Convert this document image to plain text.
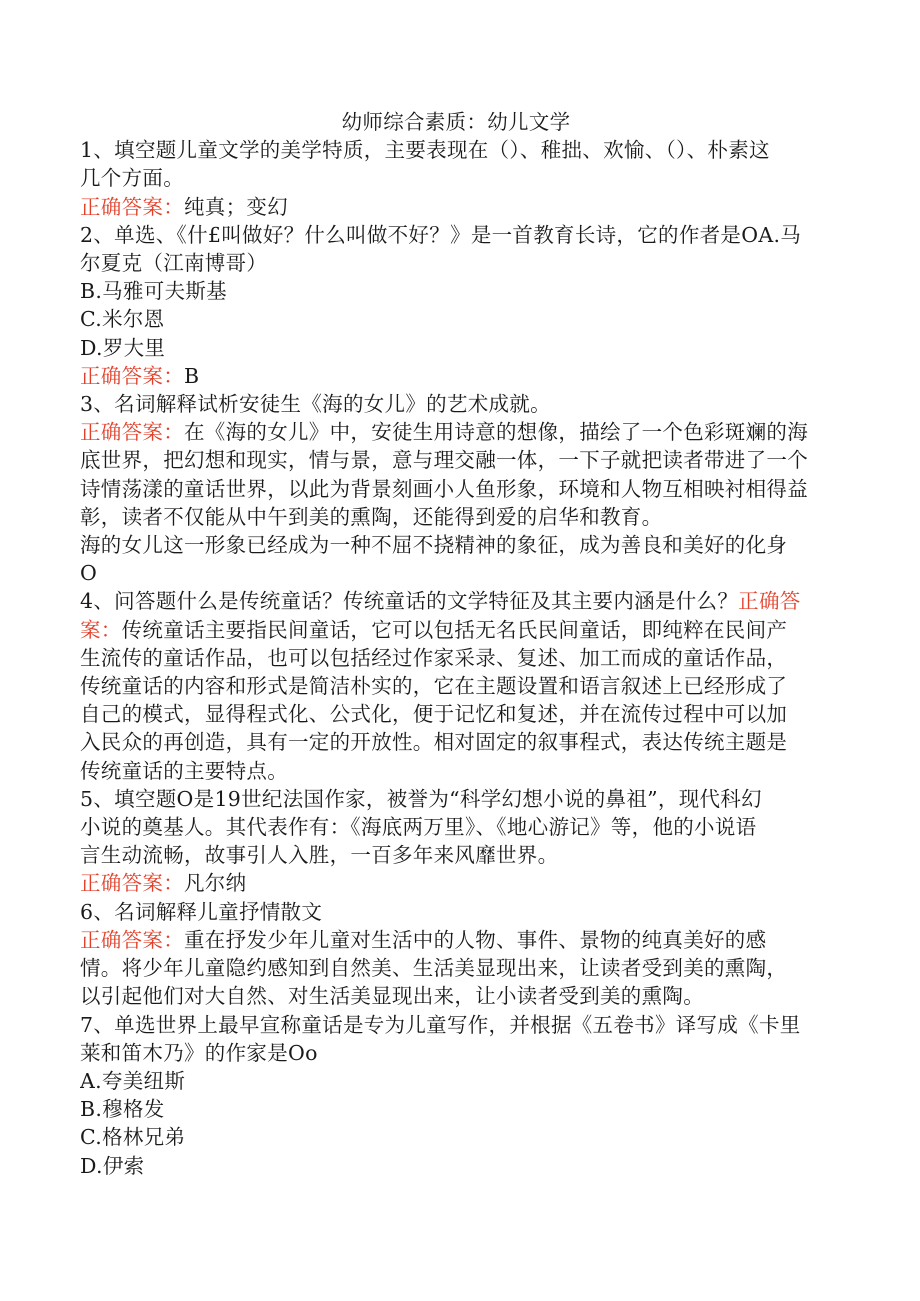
幼师综合素质：幼儿文学
1、填空题儿童文学的美学特质，主要表现在（）、稚拙、欢愉、（）、朴素这
几个方面。
正确答案：纯真；变幻
2、单选、《什£叫做好？什么叫做不好？》是一首教育长诗，它的作者是OA.马
尔夏克（江南博哥）
B.马雅可夫斯基
C.米尔恩
D.罗大里
正确答案：B
3、名词解释试析安徒生《海的女儿》的艺术成就。
正确答案：在《海的女儿》中，安徒生用诗意的想像，描绘了一个色彩斑斓的海
底世界，把幻想和现实，情与景，意与理交融一体，一下子就把读者带进了一个
诗情荡漾的童话世界，以此为背景刻画小人鱼形象，环境和人物互相映衬相得益
彰，读者不仅能从中午到美的熏陶，还能得到爱的启华和教育。
海的女儿这一形象已经成为一种不屈不挠精神的象征，成为善良和美好的化身
O
4、问答题什么是传统童话？传统童话的文学特征及其主要内涵是什么？正确答
案：传统童话主要指民间童话，它可以包括无名氏民间童话，即纯粹在民间产
生流传的童话作品，也可以包括经过作家采录、复述、加工而成的童话作品，
传统童话的内容和形式是简洁朴实的，它在主题设置和语言叙述上已经形成了
自己的模式，显得程式化、公式化，便于记忆和复述，并在流传过程中可以加
入民众的再创造，具有一定的开放性。相对固定的叙事程式，表达传统主题是
传统童话的主要特点。
5、填空题O是19世纪法国作家，被誉为“科学幻想小说的鼻祖”，现代科幻
小说的奠基人。其代表作有：《海底两万里》、《地心游记》等，他的小说语
言生动流畅，故事引人入胜，一百多年来风靡世界。
正确答案：凡尔纳
6、名词解释儿童抒情散文
正确答案：重在抒发少年儿童对生活中的人物、事件、景物的纯真美好的感
情。将少年儿童隐约感知到自然美、生活美显现出来，让读者受到美的熏陶，
以引起他们对大自然、对生活美显现出来，让小读者受到美的熏陶。
7、单选世界上最早宣称童话是专为儿童写作，并根据《五卷书》译写成《卡里
莱和笛木乃》的作家是Oo
A.夸美纽斯
B.穆格发
C.格林兄弟
D.伊索
